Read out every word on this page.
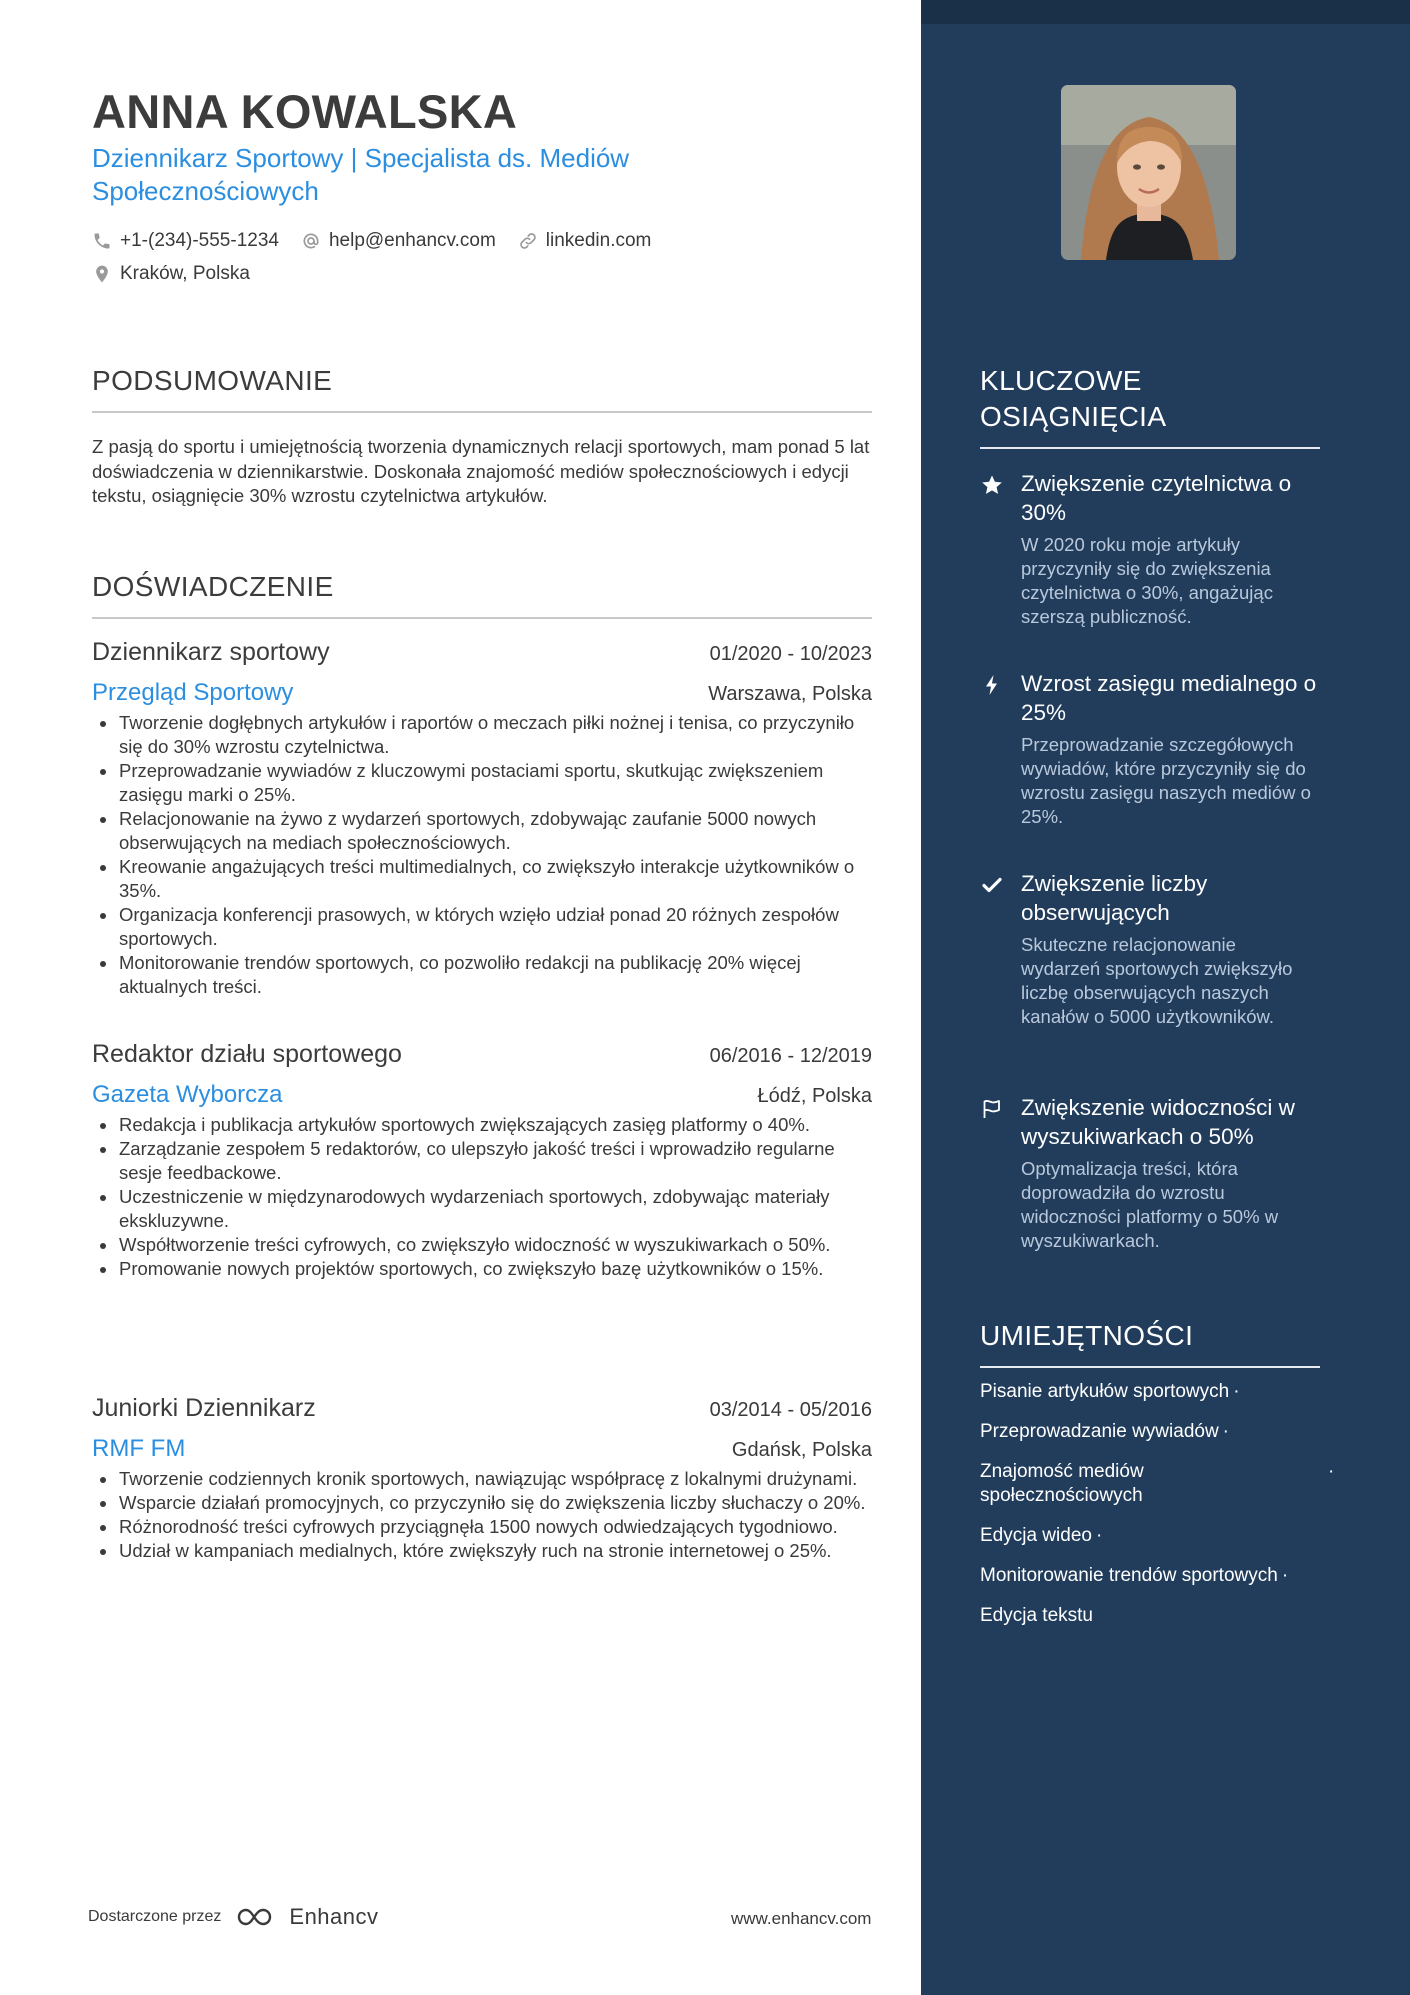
ANNA KOWALSKA
Dziennikarz Sportowy | Specjalista ds. Mediów Społecznościowych
+1-(234)-555-1234	help@enhancv.com	linkedin.com
Kraków, Polska
PODSUMOWANIE
Z pasją do sportu i umiejętnością tworzenia dynamicznych relacji sportowych, mam ponad 5 lat doświadczenia w dziennikarstwie. Doskonała znajomość mediów społecznościowych i edycji tekstu, osiągnięcie 30% wzrostu czytelnictwa artykułów.
DOŚWIADCZENIE
Dziennikarz sportowy	01/2020 - 10/2023
Przegląd Sportowy	Warszawa, Polska
Tworzenie dogłębnych artykułów i raportów o meczach piłki nożnej i tenisa, co przyczyniło się do 30% wzrostu czytelnictwa.
Przeprowadzanie wywiadów z kluczowymi postaciami sportu, skutkując zwiększeniem zasięgu marki o 25%.
Relacjonowanie na żywo z wydarzeń sportowych, zdobywając zaufanie 5000 nowych obserwujących na mediach społecznościowych.
Kreowanie angażujących treści multimedialnych, co zwiększyło interakcje użytkowników o 35%.
Organizacja konferencji prasowych, w których wzięło udział ponad 20 różnych zespołów sportowych.
Monitorowanie trendów sportowych, co pozwoliło redakcji na publikację 20% więcej aktualnych treści.
Redaktor działu sportowego	06/2016 - 12/2019
Gazeta Wyborcza	Łódź, Polska
Redakcja i publikacja artykułów sportowych zwiększających zasięg platformy o 40%.
Zarządzanie zespołem 5 redaktorów, co ulepszyło jakość treści i wprowadziło regularne sesje feedbackowe.
Uczestniczenie w międzynarodowych wydarzeniach sportowych, zdobywając materiały ekskluzywne.
Współtworzenie treści cyfrowych, co zwiększyło widoczność w wyszukiwarkach o 50%.
Promowanie nowych projektów sportowych, co zwiększyło bazę użytkowników o 15%.
Juniorki Dziennikarz	03/2014 - 05/2016
RMF FM	Gdańsk, Polska
Tworzenie codziennych kronik sportowych, nawiązując współpracę z lokalnymi drużynami.
Wsparcie działań promocyjnych, co przyczyniło się do zwiększenia liczby słuchaczy o 20%.
Różnorodność treści cyfrowych przyciągnęła 1500 nowych odwiedzających tygodniowo.
Udział w kampaniach medialnych, które zwiększyły ruch na stronie internetowej o 25%.
Dostarczone przez	Enhancv	www.enhancv.com
KLUCZOWE OSIĄGNIĘCIA
Zwiększenie czytelnictwa o 30%
W 2020 roku moje artykuły przyczyniły się do zwiększenia czytelnictwa o 30%, angażując szerszą publiczność.
Wzrost zasięgu medialnego o 25%
Przeprowadzanie szczegółowych wywiadów, które przyczyniły się do wzrostu zasięgu naszych mediów o 25%.
Zwiększenie liczby obserwujących
Skuteczne relacjonowanie wydarzeń sportowych zwiększyło liczbę obserwujących naszych kanałów o 5000 użytkowników.
Zwiększenie widoczności w wyszukiwarkach o 50%
Optymalizacja treści, która doprowadziła do wzrostu widoczności platformy o 50% w wyszukiwarkach.
UMIEJĘTNOŚCI
Pisanie artykułów sportowych ·
Przeprowadzanie wywiadów ·
Znajomość mediów społecznościowych
·
Edycja wideo ·
Monitorowanie trendów sportowych ·
Edycja tekstu
